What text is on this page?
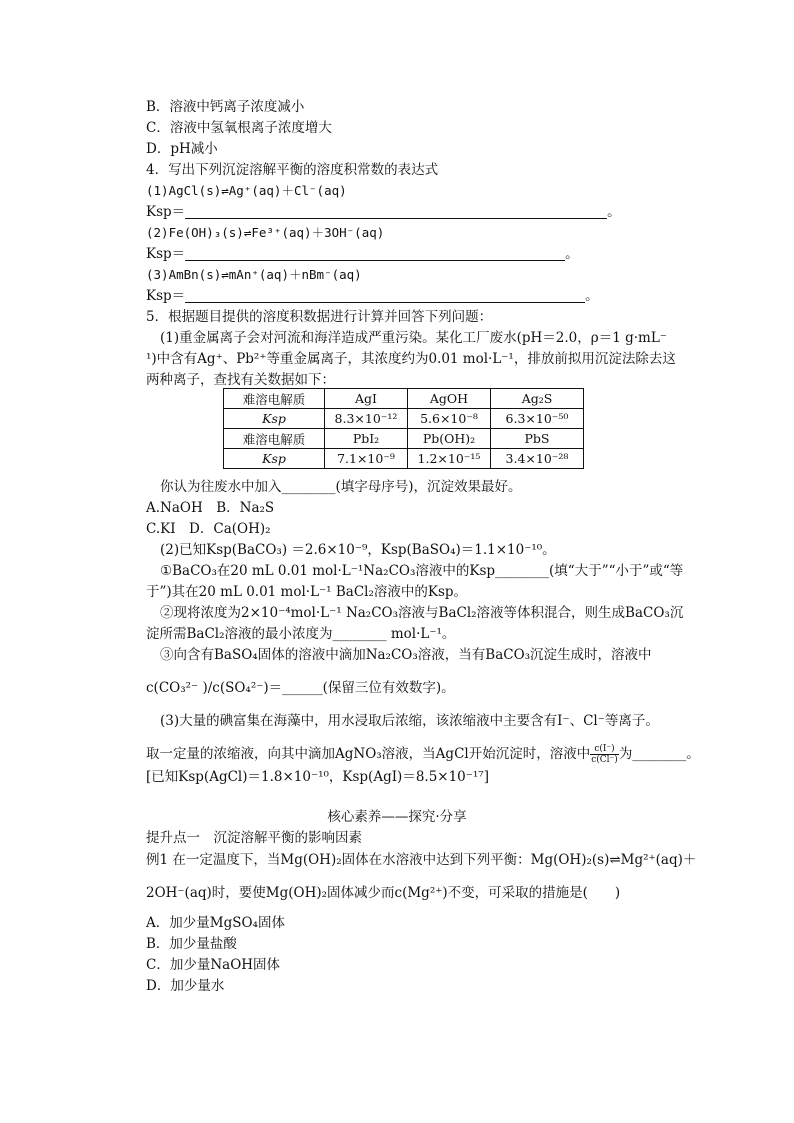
B．溶液中钙离子浓度减小
C．溶液中氢氧根离子浓度增大
D．pH减小
4．写出下列沉淀溶解平衡的溶度积常数的表达式
(1)AgCl(s)⇌Ag⁺(aq)＋Cl⁻(aq)
Ksp＝	。
(2)Fe(OH)₃(s)⇌Fe³⁺(aq)＋3OH⁻(aq)
Ksp＝	。
(3)AmBn(s)⇌mAn⁺(aq)＋nBm⁻(aq)
Ksp＝	。
5．根据题目提供的溶度积数据进行计算并回答下列问题：
(1)重金属离子会对河流和海洋造成严重污染。某化工厂废水(pH＝2.0，ρ＝1 g·mL⁻
¹)中含有Ag⁺、Pb²⁺等重金属离子，其浓度约为0.01 mol·L⁻¹，排放前拟用沉淀法除去这
两种离子，查找有关数据如下：
难溶电解质	AgI	AgOH	Ag₂S
Ksp	8.3×10⁻¹²	5.6×10⁻⁸	6.3×10⁻⁵⁰
难溶电解质	PbI₂	Pb(OH)₂	PbS
Ksp	7.1×10⁻⁹	1.2×10⁻¹⁵	3.4×10⁻²⁸
你认为往废水中加入________(填字母序号)，沉淀效果最好。
A.NaOH　B．Na₂S
C.KI　D．Ca(OH)₂
(2)已知Ksp(BaCO₃) ＝2.6×10⁻⁹，Ksp(BaSO₄)＝1.1×10⁻¹⁰。
①BaCO₃在20 mL 0.01 mol·L⁻¹Na₂CO₃溶液中的Ksp________(填“大于”“小于”或“等
于”)其在20 mL 0.01 mol·L⁻¹ BaCl₂溶液中的Ksp。
②现将浓度为2×10⁻⁴mol·L⁻¹ Na₂CO₃溶液与BaCl₂溶液等体积混合，则生成BaCO₃沉
淀所需BaCl₂溶液的最小浓度为________ mol·L⁻¹。
③向含有BaSO₄固体的溶液中滴加Na₂CO₃溶液，当有BaCO₃沉淀生成时，溶液中
c(CO₃²⁻ )/c(SO₄²⁻)＝______(保留三位有效数字)。
(3)大量的碘富集在海藻中，用水浸取后浓缩，该浓缩液中主要含有I⁻、Cl⁻等离子。
取一定量的浓缩液，向其中滴加AgNO₃溶液，当AgCl开始沉淀时，溶液中 $\frac{c(I^-)}{c(Cl^-)}$ 为________。
[已知Ksp(AgCl)＝1.8×10⁻¹⁰，Ksp(AgI)＝8.5×10⁻¹⁷]
核心素养——探究·分享
提升点一　沉淀溶解平衡的影响因素
例1 在一定温度下，当Mg(OH)₂固体在水溶液中达到下列平衡：Mg(OH)₂(s)⇌Mg²⁺(aq)＋
2OH⁻(aq)时，要使Mg(OH)₂固体减少而c(Mg²⁺)不变，可采取的措施是(　　)
A．加少量MgSO₄固体
B．加少量盐酸
C．加少量NaOH固体
D．加少量水
